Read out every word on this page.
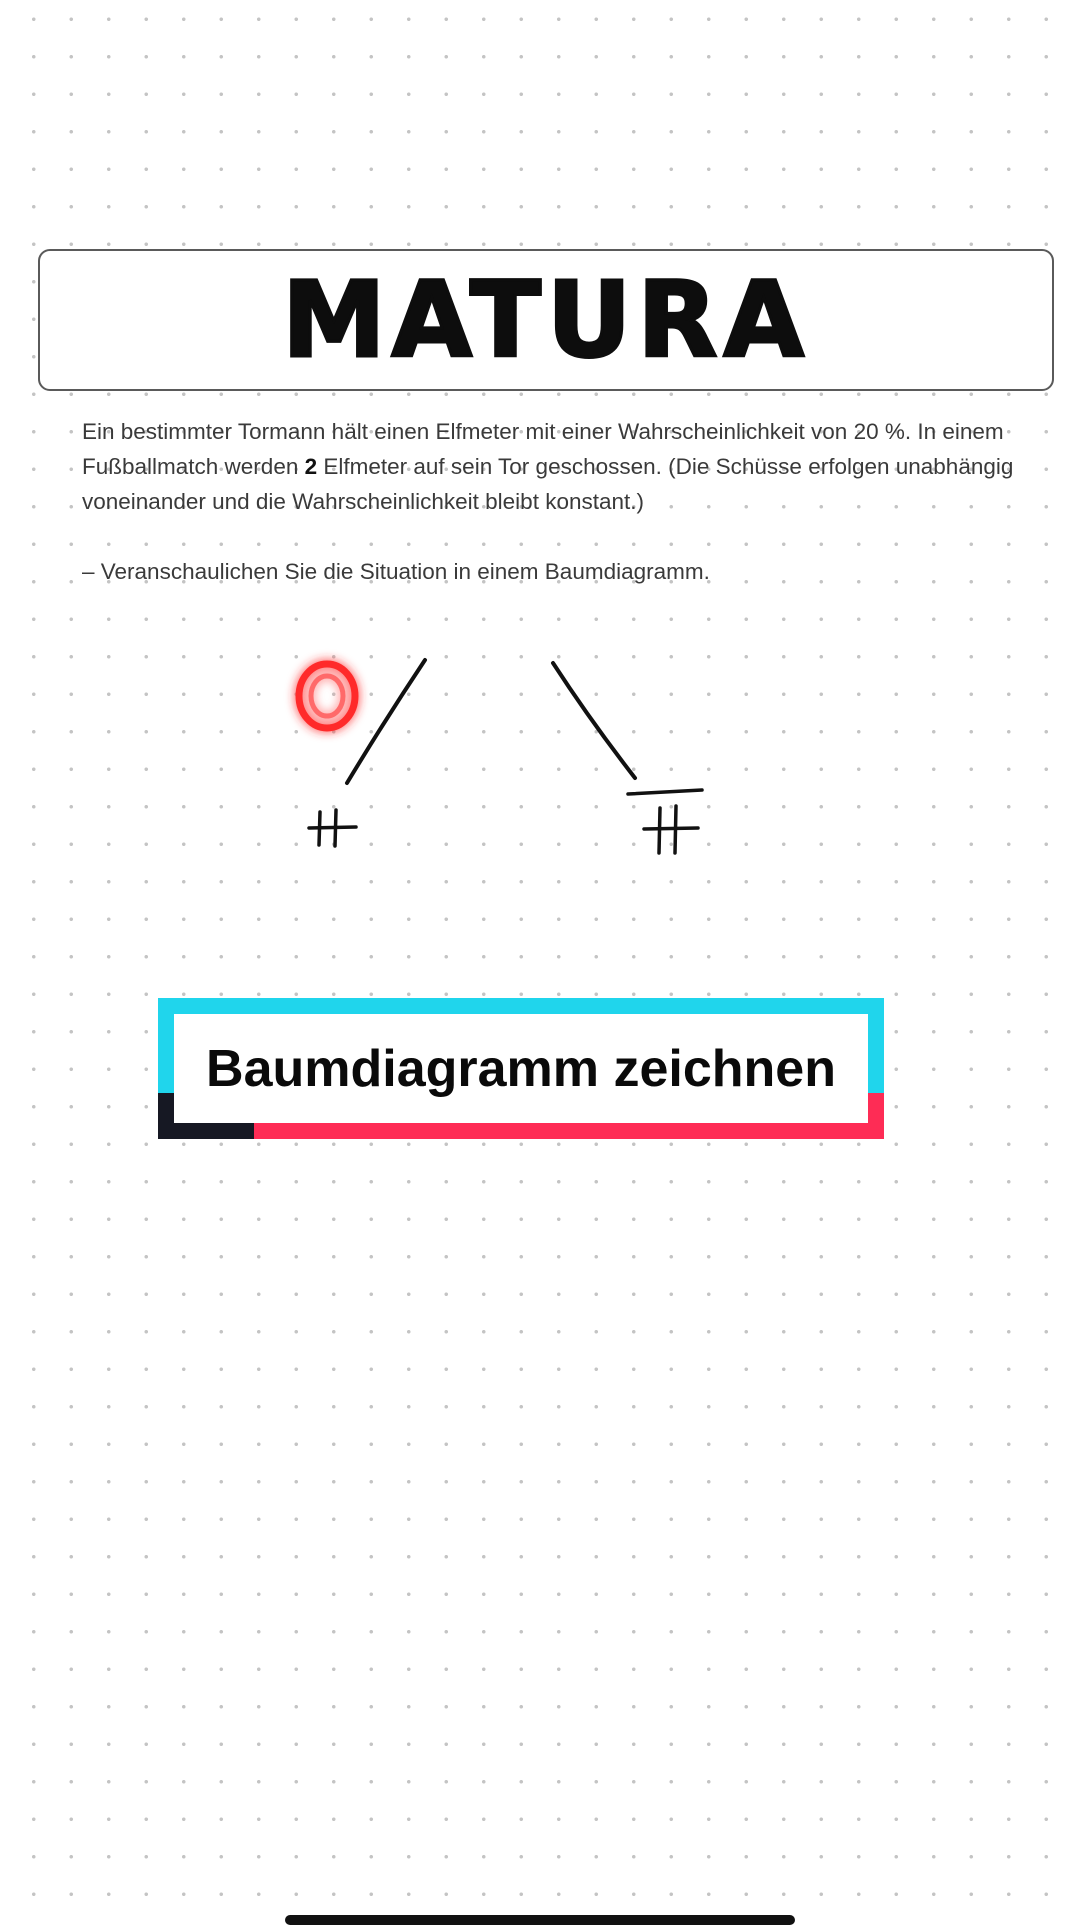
MATURA

Ein bestimmter Tormann hält einen Elfmeter mit einer Wahrscheinlichkeit von 20 %. In einem Fußballmatch werden 2 Elfmeter auf sein Tor geschossen. (Die Schüsse erfolgen unabhängig voneinander und die Wahrscheinlichkeit bleibt konstant.)

– Veranschaulichen Sie die Situation in einem Baumdiagramm.

H
H̄
Baumdiagramm zeichnen
